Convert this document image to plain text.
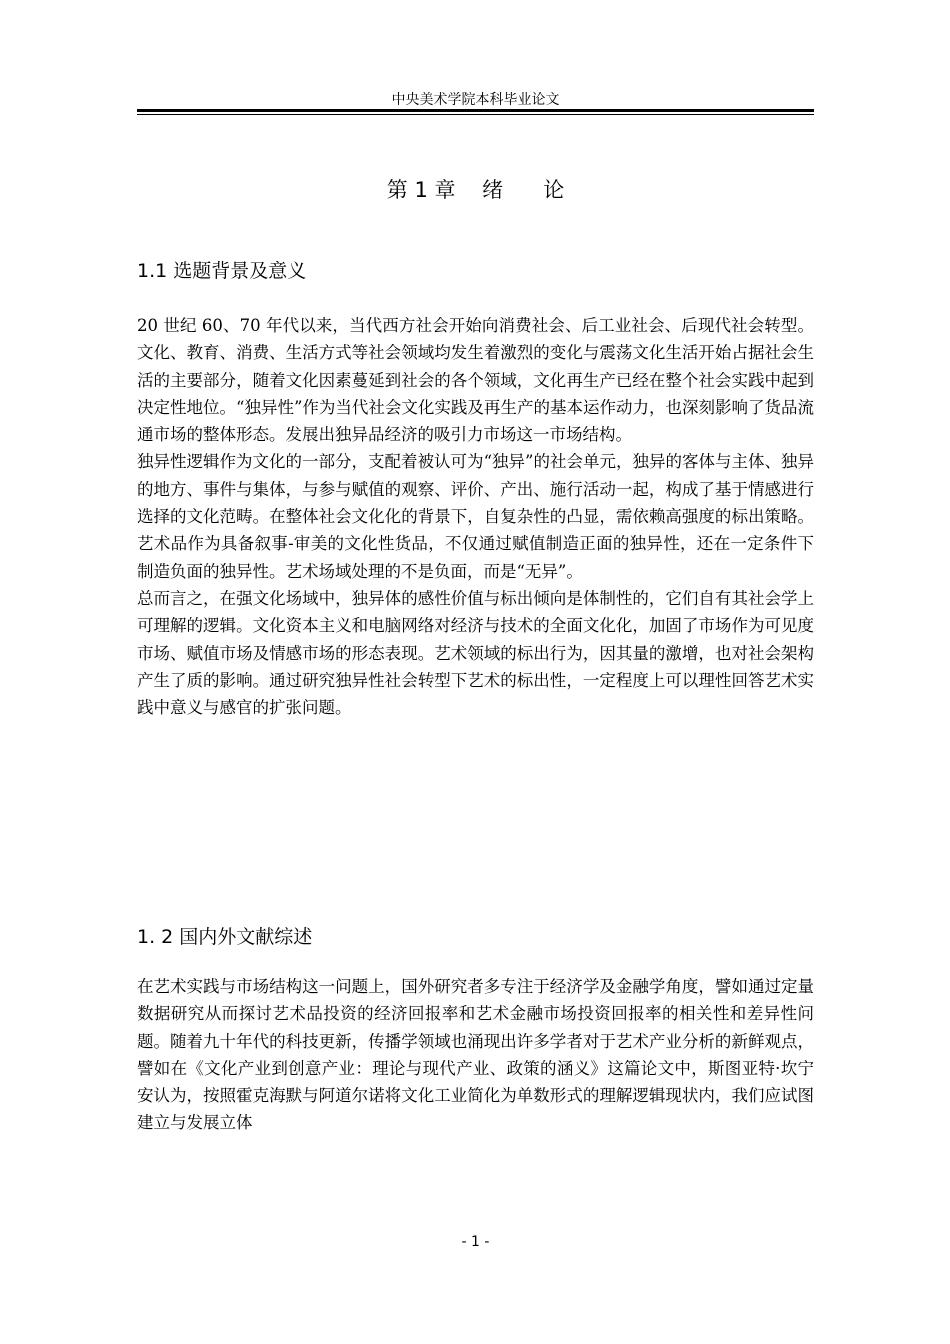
中央美术学院本科毕业论文
第 1 章    绪      论
1.1 选题背景及意义

20 世纪 60、70 年代以来，当代西方社会开始向消费社会、后工业社会、后现代社会转型。文化、教育、消费、生活方式等社会领域均发生着激烈的变化与震荡文化生活开始占据社会生活的主要部分，随着文化因素蔓延到社会的各个领域，文化再生产已经在整个社会实践中起到决定性地位。“独异性”作为当代社会文化实践及再生产的基本运作动力，也深刻影响了货品流通市场的整体形态。发展出独异品经济的吸引力市场这一市场结构。

独异性逻辑作为文化的一部分，支配着被认可为“独异”的社会单元，独异的客体与主体、独异的地方、事件与集体，与参与赋值的观察、评价、产出、施行活动一起，构成了基于情感进行选择的文化范畴。在整体社会文化化的背景下，自复杂性的凸显，需依赖高强度的标出策略。艺术品作为具备叙事-审美的文化性货品，不仅通过赋值制造正面的独异性，还在一定条件下制造负面的独异性。艺术场域处理的不是负面，而是“无异”。

总而言之，在强文化场域中，独异体的感性价值与标出倾向是体制性的，它们自有其社会学上可理解的逻辑。文化资本主义和电脑网络对经济与技术的全面文化化，加固了市场作为可见度市场、赋值市场及情感市场的形态表现。艺术领域的标出行为，因其量的激增，也对社会架构产生了质的影响。通过研究独异性社会转型下艺术的标出性，一定程度上可以理性回答艺术实践中意义与感官的扩张问题。

1. 2 国内外文献综述

在艺术实践与市场结构这一问题上，国外研究者多专注于经济学及金融学角度，譬如通过定量数据研究从而探讨艺术品投资的经济回报率和艺术金融市场投资回报率的相关性和差异性问题。随着九十年代的科技更新，传播学领域也涌现出许多学者对于艺术产业分析的新鲜观点，譬如在《文化产业到创意产业：理论与现代产业、政策的涵义》这篇论文中，斯图亚特·坎宁安认为，按照霍克海默与阿道尔诺将文化工业简化为单数形式的理解逻辑现状内，我们应试图建立与发展立体

- 1 -
